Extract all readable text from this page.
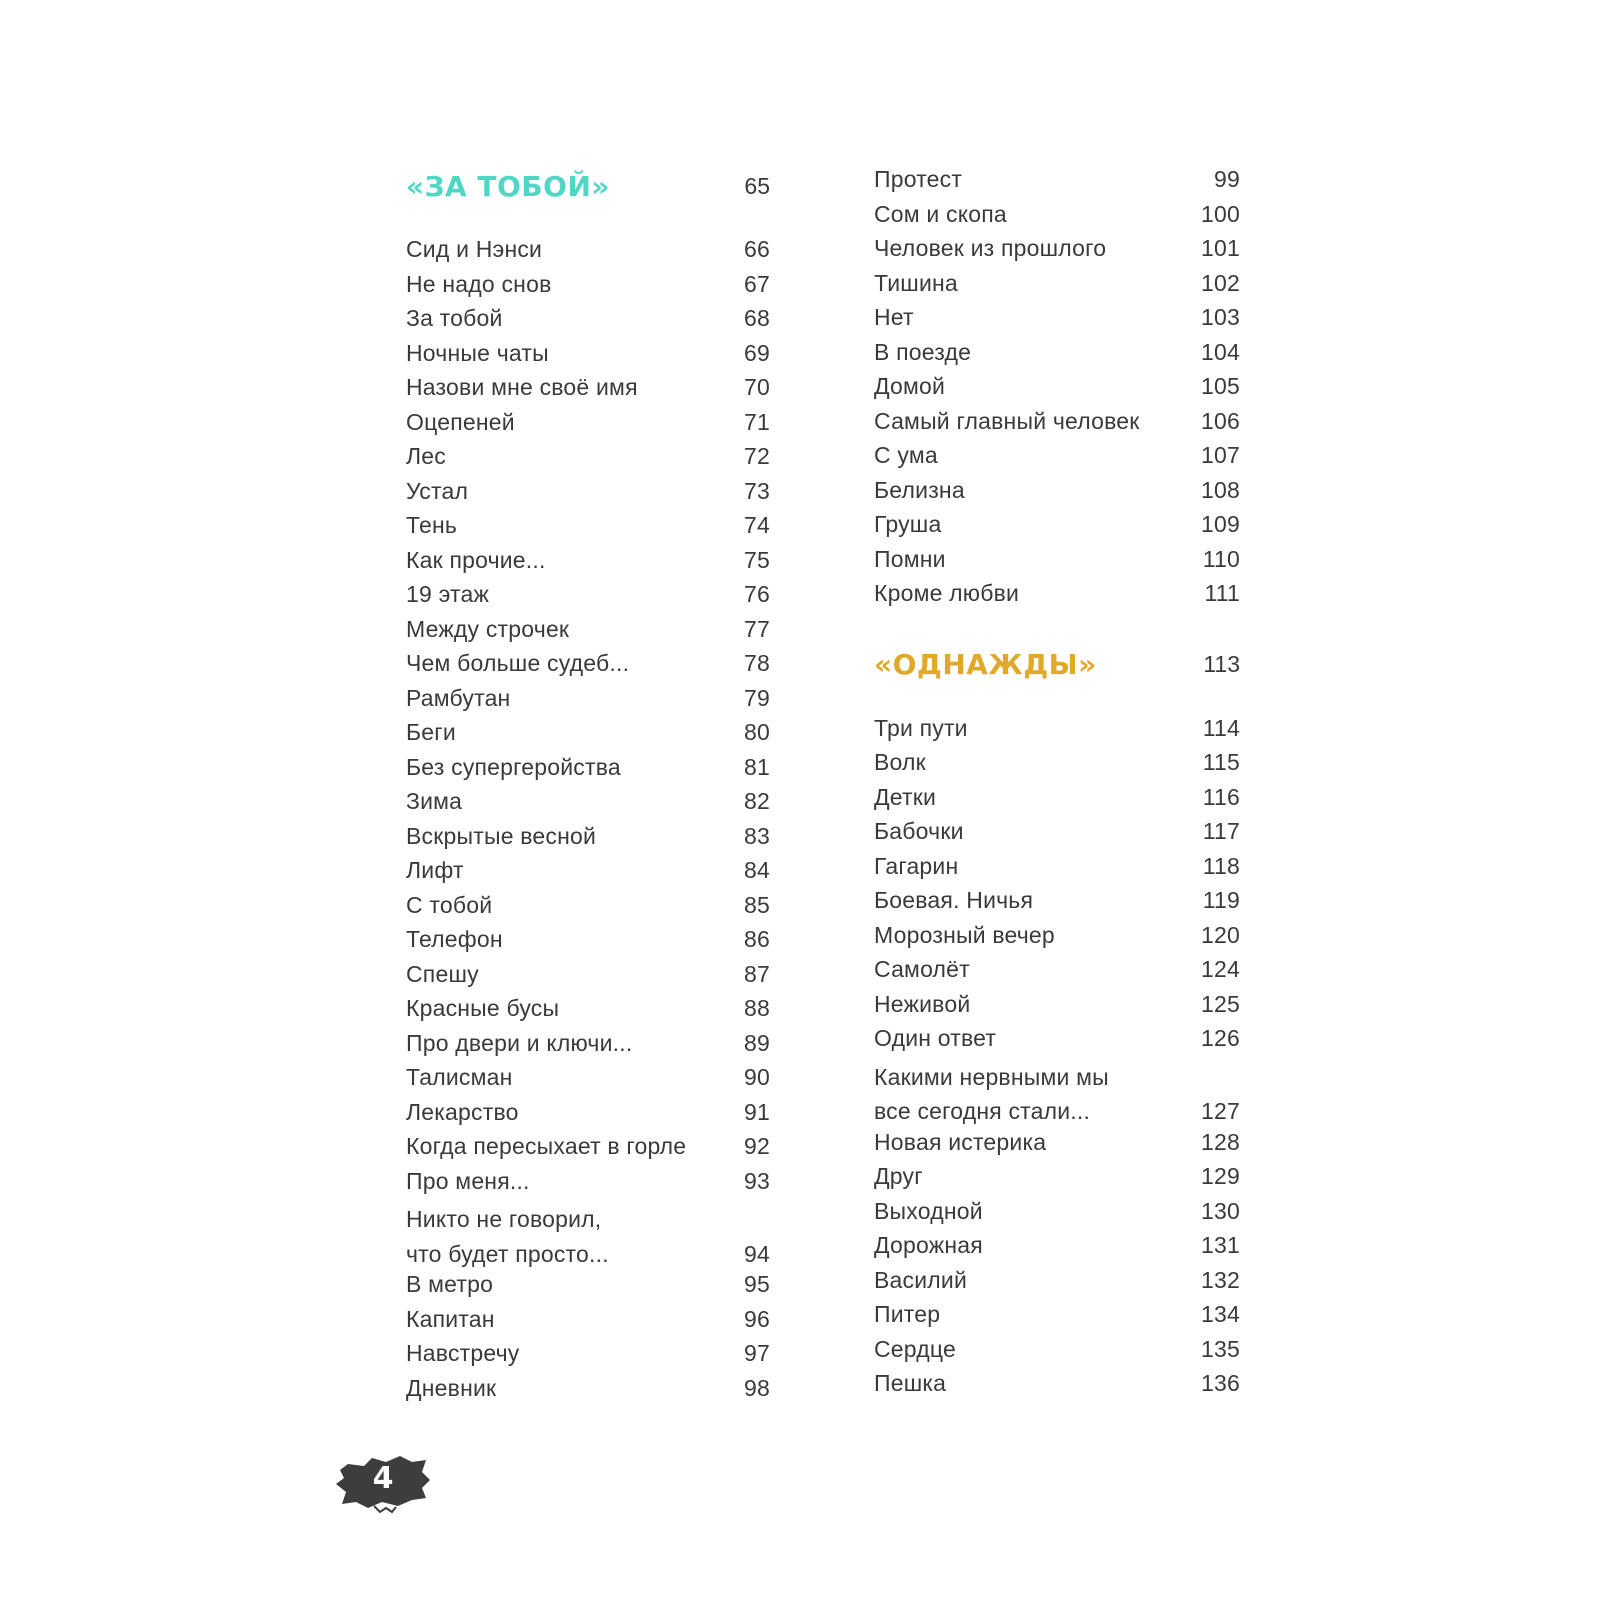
«ЗА ТОБОЙ»	65
Сид и Нэнси	66
Не надо снов	67
За тобой	68
Ночные чаты	69
Назови мне своё имя	70
Оцепеней	71
Лес	72
Устал	73
Тень	74
Как прочие...	75
19 этаж	76
Между строчек	77
Чем больше судеб...	78
Рамбутан	79
Беги	80
Без супергеройства	81
Зима	82
Вскрытые весной	83
Лифт	84
С тобой	85
Телефон	86
Спешу	87
Красные бусы	88
Про двери и ключи...	89
Талисман	90
Лекарство	91
Когда пересыхает в горле	92
Про меня...	93
Никто не говорил,
что будет просто...	94
В метро	95
Капитан	96
Навстречу	97
Дневник	98
Протест	99
Сом и скопа	100
Человек из прошлого	101
Тишина	102
Нет	103
В поезде	104
Домой	105
Самый главный человек	106
С ума	107
Белизна	108
Груша	109
Помни	110
Кроме любви	111
«ОДНАЖДЫ»	113
Три пути	114
Волк	115
Детки	116
Бабочки	117
Гагарин	118
Боевая. Ничья	119
Морозный вечер	120
Самолёт	124
Неживой	125
Один ответ	126
Какими нервными мы
все сегодня стали...	127
Новая истерика	128
Друг	129
Выходной	130
Дорожная	131
Василий	132
Питер	134
Сердце	135
Пешка	136
4
